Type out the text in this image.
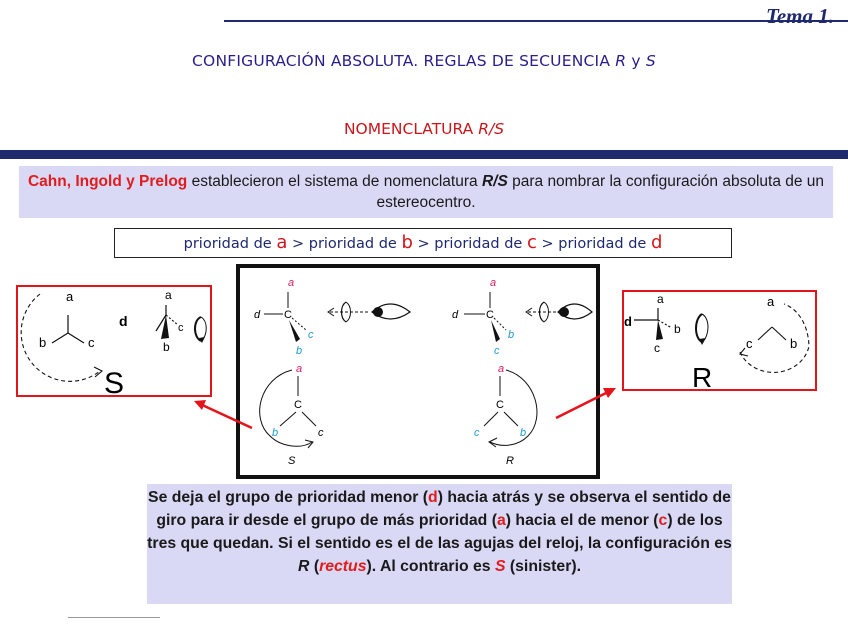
Tema 1.
CONFIGURACIÓN ABSOLUTA. REGLAS DE SECUENCIA R y S
NOMENCLATURA R/S
Cahn, Ingold y Prelog establecieron el sistema de nomenclatura R/S para nombrar la configuración absoluta de un estereocentro.
prioridad de a > prioridad de b > prioridad de c > prioridad de d
a
b	c
d
a
c
b
S
a
d	b
c
R
a
c	b
a
C
d
c
b
a
C
d
b
c
a
C
b	c
S
a
C
c	b
R
Se deja el grupo de prioridad menor (d) hacia atrás y se observa el sentido de giro para ir desde el grupo de más prioridad (a) hacia el de menor (c) de los tres que quedan. Si el sentido es el de las agujas del reloj, la configuración es R (rectus). Al contrario es S (sinister).
